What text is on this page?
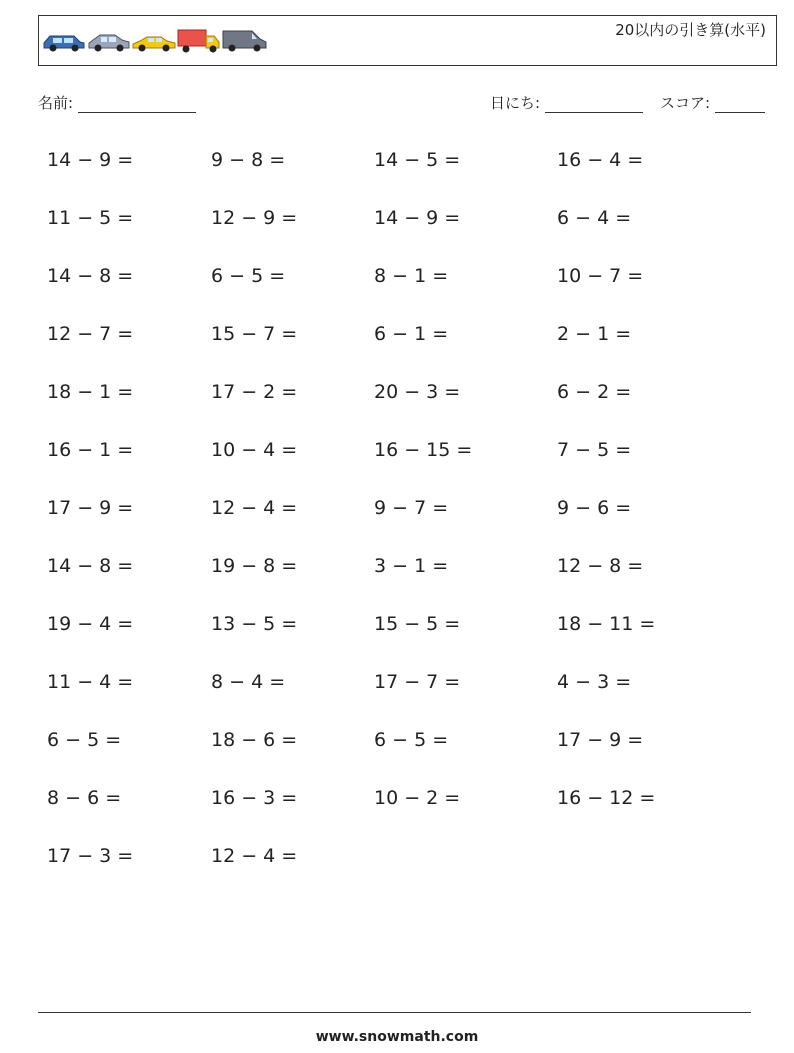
20以内の引き算(水平)
名前:	日にち:	スコア:
14 − 9 =	9 − 8 =	14 − 5 =	16 − 4 =
11 − 5 =	12 − 9 =	14 − 9 =	6 − 4 =
14 − 8 =	6 − 5 =	8 − 1 =	10 − 7 =
12 − 7 =	15 − 7 =	6 − 1 =	2 − 1 =
18 − 1 =	17 − 2 =	20 − 3 =	6 − 2 =
16 − 1 =	10 − 4 =	16 − 15 =	7 − 5 =
17 − 9 =	12 − 4 =	9 − 7 =	9 − 6 =
14 − 8 =	19 − 8 =	3 − 1 =	12 − 8 =
19 − 4 =	13 − 5 =	15 − 5 =	18 − 11 =
11 − 4 =	8 − 4 =	17 − 7 =	4 − 3 =
6 − 5 =	18 − 6 =	6 − 5 =	17 − 9 =
8 − 6 =	16 − 3 =	10 − 2 =	16 − 12 =
17 − 3 =	12 − 4 =
www.snowmath.com
